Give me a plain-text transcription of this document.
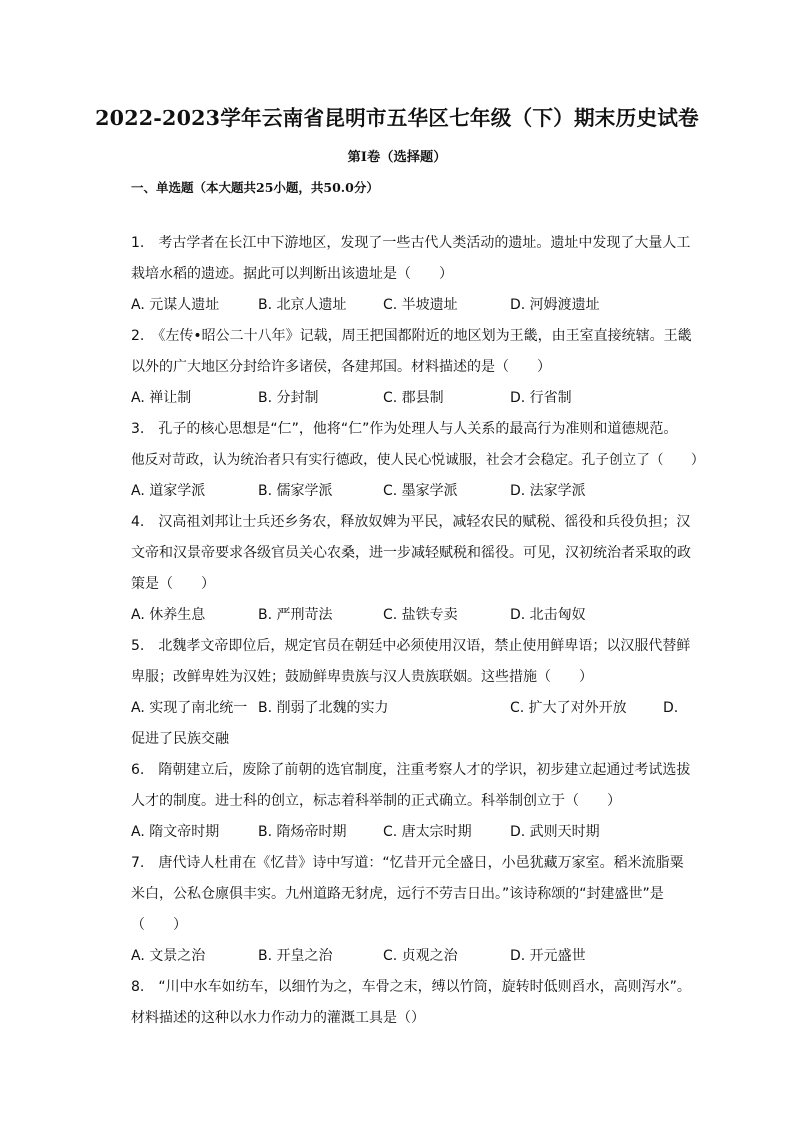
2022-2023学年云南省昆明市五华区七年级（下）期末历史试卷
第Ⅰ卷（选择题）
一、单选题（本大题共25小题，共50.0分）
1.　考古学者在长江中下游地区，发现了一些古代人类活动的遗址。遗址中发现了大量人工
栽培水稻的遗迹。据此可以判断出该遗址是（　　）
A. 元谋人遗址	B. 北京人遗址	C. 半坡遗址	D. 河姆渡遗址
2.　《左传•昭公二十八年》记载，周王把国都附近的地区划为王畿，由王室直接统辖。王畿
以外的广大地区分封给许多诸侯，各建邦国。材料描述的是（　　）
A. 禅让制	B. 分封制	C. 郡县制	D. 行省制
3.　孔子的核心思想是“仁”，他将“仁”作为处理人与人关系的最高行为准则和道德规范。
他反对苛政，认为统治者只有实行德政，使人民心悦诚服，社会才会稳定。孔子创立了（　　）
A. 道家学派	B. 儒家学派	C. 墨家学派	D. 法家学派
4.　汉高祖刘邦让士兵还乡务农，释放奴婢为平民，减轻农民的赋税、徭役和兵役负担；汉
文帝和汉景帝要求各级官员关心农桑，进一步减轻赋税和徭役。可见，汉初统治者采取的政
策是（　　）
A. 休养生息	B. 严刑苛法	C. 盐铁专卖	D. 北击匈奴
5.　北魏孝文帝即位后，规定官员在朝廷中必须使用汉语，禁止使用鲜卑语；以汉服代替鲜
卑服；改鲜卑姓为汉姓；鼓励鲜卑贵族与汉人贵族联姻。这些措施（　　）
A. 实现了南北统一 B. 削弱了北魏的实力	C. 扩大了对外开放	D.
促进了民族交融
6.　隋朝建立后，废除了前朝的选官制度，注重考察人才的学识，初步建立起通过考试选拔
人才的制度。进士科的创立，标志着科举制的正式确立。科举制创立于（　　）
A. 隋文帝时期	B. 隋炀帝时期	C. 唐太宗时期	D. 武则天时期
7.　唐代诗人杜甫在《忆昔》诗中写道：“忆昔开元全盛日，小邑犹藏万家室。稻米流脂粟
米白，公私仓廪俱丰实。九州道路无豺虎，远行不劳吉日出。”该诗称颂的“封建盛世”是
（　　）
A. 文景之治	B. 开皇之治	C. 贞观之治	D. 开元盛世
8.　“川中水车如纺车，以细竹为之，车骨之末，缚以竹筒，旋转时低则舀水，高则泻水”。
材料描述的这种以水力作动力的灌溉工具是（）
